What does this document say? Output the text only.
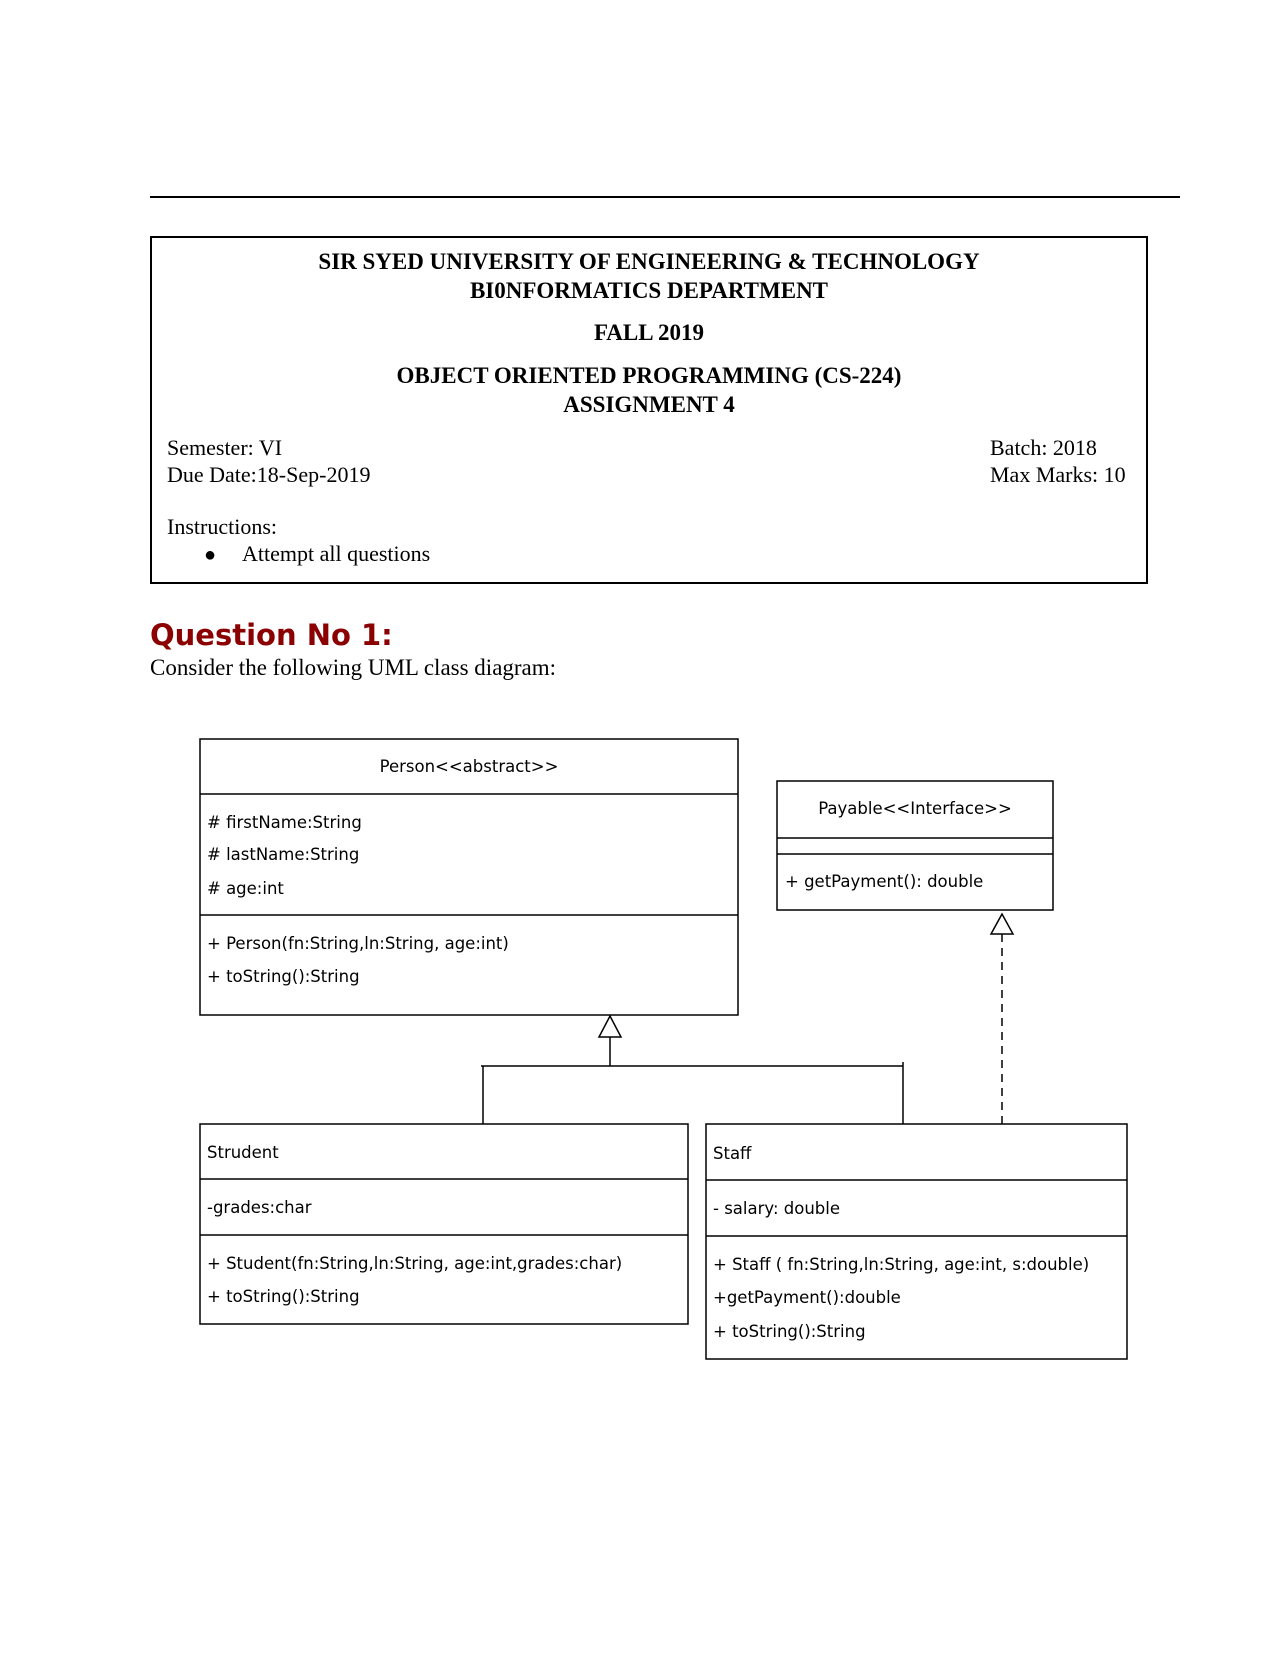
SIR SYED UNIVERSITY OF ENGINEERING & TECHNOLOGY
BI0NFORMATICS DEPARTMENT
FALL 2019
OBJECT ORIENTED PROGRAMMING (CS-224)
ASSIGNMENT 4
Semester: VI
Due Date:18-Sep-2019
Batch: 2018
Max Marks: 10
Instructions:
● Attempt all questions
Question No 1:
Consider the following UML class diagram:
Person<<abstract>>
# firstName:String
# lastName:String
# age:int
+ Person(fn:String,ln:String, age:int)
+ toString():String
Payable<<Interface>>
+ getPayment(): double
Strudent
-grades:char
+ Student(fn:String,ln:String, age:int,grades:char)
+ toString():String
Staff
- salary: double
+ Staff ( fn:String,ln:String, age:int, s:double)
+getPayment():double
+ toString():String
